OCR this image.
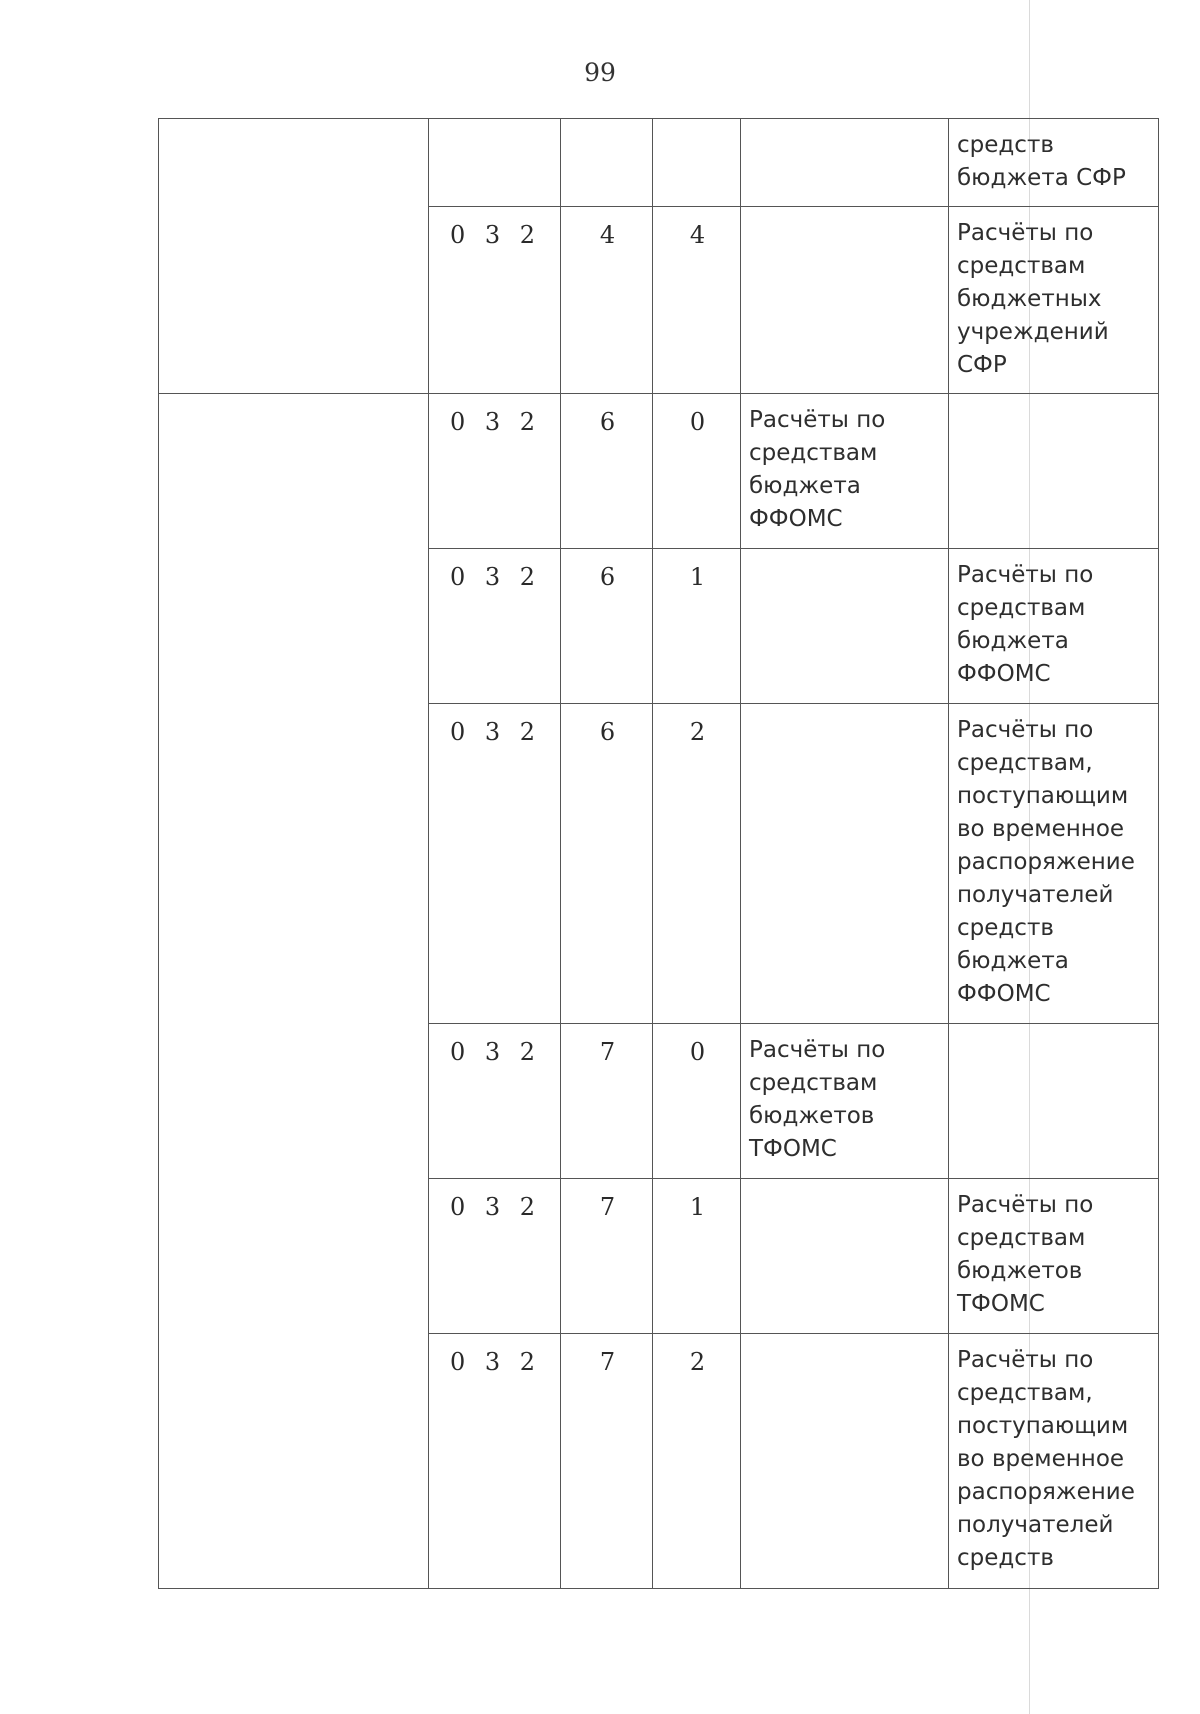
99
					средств бюджета СФР
	0 3 2	4	4		Расчёты по средствам бюджетных учреждений СФР
	0 3 2	6	0	Расчёты по средствам бюджета ФФОМС	
	0 3 2	6	1		Расчёты по средствам бюджета ФФОМС
	0 3 2	6	2		Расчёты по средствам, поступающим во временное распоряжение получателей средств бюджета ФФОМС
	0 3 2	7	0	Расчёты по средствам бюджетов ТФОМС	
	0 3 2	7	1		Расчёты по средствам бюджетов ТФОМС
	0 3 2	7	2		Расчёты по средствам, поступающим во временное распоряжение получателей средств
